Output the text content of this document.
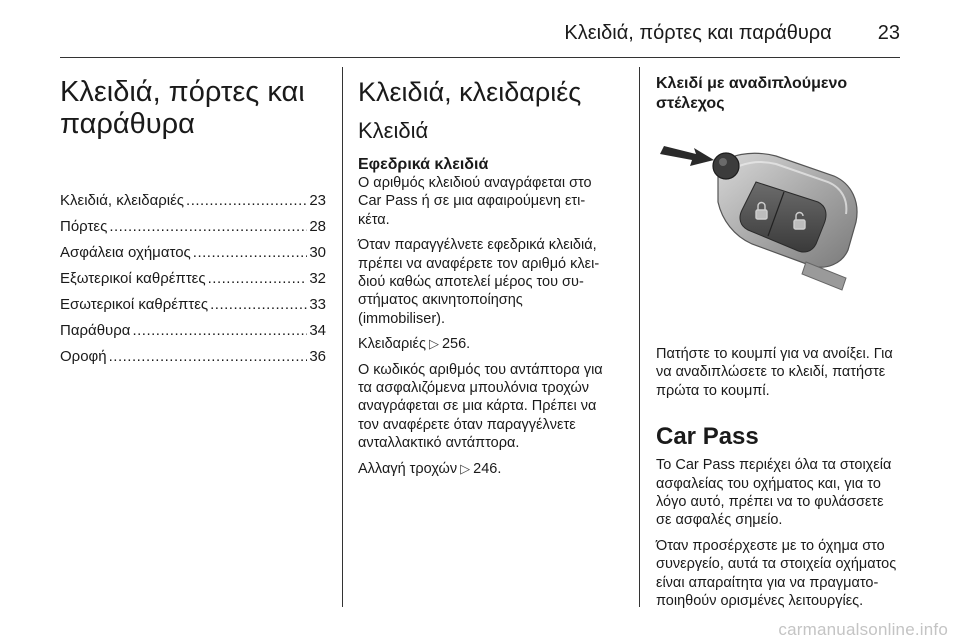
Κλειδιά, πόρτες και παράθυρα 23
Κλειδιά, πόρτες και
παράθυρα
Κλειδιά, κλειδαριές .....	23
Πόρτες .....	28
Ασφάλεια οχήματος .....	30
Εξωτερικοί καθρέπτες .....	32
Εσωτερικοί καθρέπτες .....	33
Παράθυρα .....	34
Οροφή .....	36
Κλειδιά, κλειδαριές
Κλειδιά
Εφεδρικά κλειδιά

Ο αριθμός κλειδιού αναγράφεται στο
Car Pass ή σε μια αφαιρούμενη ετι-
κέτα.

Όταν παραγγέλνετε εφεδρικά κλειδιά,
πρέπει να αναφέρετε τον αριθμό κλει-
διού καθώς αποτελεί μέρος του συ-
στήματος ακινητοποίησης
(immobiliser).

Κλειδαριές ▷ 256.

Ο κωδικός αριθμός του αντάπτορα για
τα ασφαλιζόμενα μπουλόνια τροχών
αναγράφεται σε μια κάρτα. Πρέπει να
τον αναφέρετε όταν παραγγέλνετε
ανταλλακτικό αντάπτορα.

Αλλαγή τροχών ▷ 246.

Κλειδί με αναδιπλούμενο
στέλεχος

Πατήστε το κουμπί για να ανοίξει. Για
να αναδιπλώσετε το κλειδί, πατήστε
πρώτα το κουμπί.

Car Pass

Το Car Pass περιέχει όλα τα στοιχεία
ασφαλείας του οχήματος και, για το
λόγο αυτό, πρέπει να το φυλάσσετε
σε ασφαλές σημείο.

Όταν προσέρχεστε με το όχημα στο
συνεργείο, αυτά τα στοιχεία οχήματος
είναι απαραίτητα για να πραγματο-
ποιηθούν ορισμένες λειτουργίες.

carmanualsonline.info
